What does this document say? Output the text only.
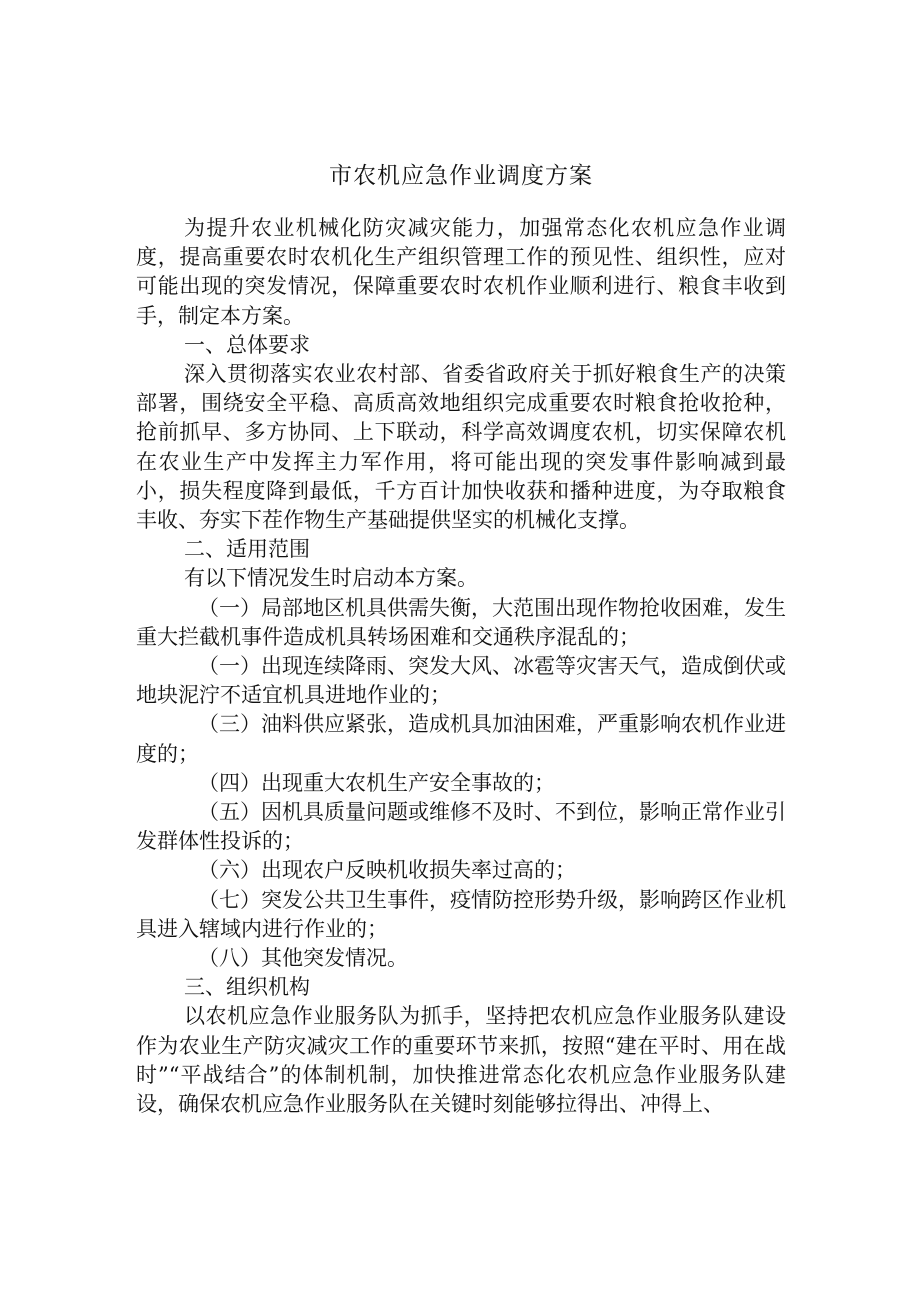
市农机应急作业调度方案

为提升农业机械化防灾减灾能力，加强常态化农机应急作业调度，提高重要农时农机化生产组织管理工作的预见性、组织性，应对可能出现的突发情况，保障重要农时农机作业顺利进行、粮食丰收到手，制定本方案。

一、总体要求

深入贯彻落实农业农村部、省委省政府关于抓好粮食生产的决策部署，围绕安全平稳、高质高效地组织完成重要农时粮食抢收抢种，抢前抓早、多方协同、上下联动，科学高效调度农机，切实保障农机在农业生产中发挥主力军作用，将可能出现的突发事件影响减到最小，损失程度降到最低，千方百计加快收获和播种进度，为夺取粮食丰收、夯实下茬作物生产基础提供坚实的机械化支撑。

二、适用范围

有以下情况发生时启动本方案。

（一）局部地区机具供需失衡，大范围出现作物抢收困难，发生重大拦截机事件造成机具转场困难和交通秩序混乱的；

（一）出现连续降雨、突发大风、冰雹等灾害天气，造成倒伏或地块泥泞不适宜机具进地作业的；

（三）油料供应紧张，造成机具加油困难，严重影响农机作业进度的；

（四）出现重大农机生产安全事故的；

（五）因机具质量问题或维修不及时、不到位，影响正常作业引发群体性投诉的；

（六）出现农户反映机收损失率过高的；

（七）突发公共卫生事件，疫情防控形势升级，影响跨区作业机具进入辖域内进行作业的；

（八）其他突发情况。

三、组织机构

以农机应急作业服务队为抓手，坚持把农机应急作业服务队建设作为农业生产防灾减灾工作的重要环节来抓，按照“建在平时、用在战时”“平战结合”的体制机制，加快推进常态化农机应急作业服务队建设，确保农机应急作业服务队在关键时刻能够拉得出、冲得上、
